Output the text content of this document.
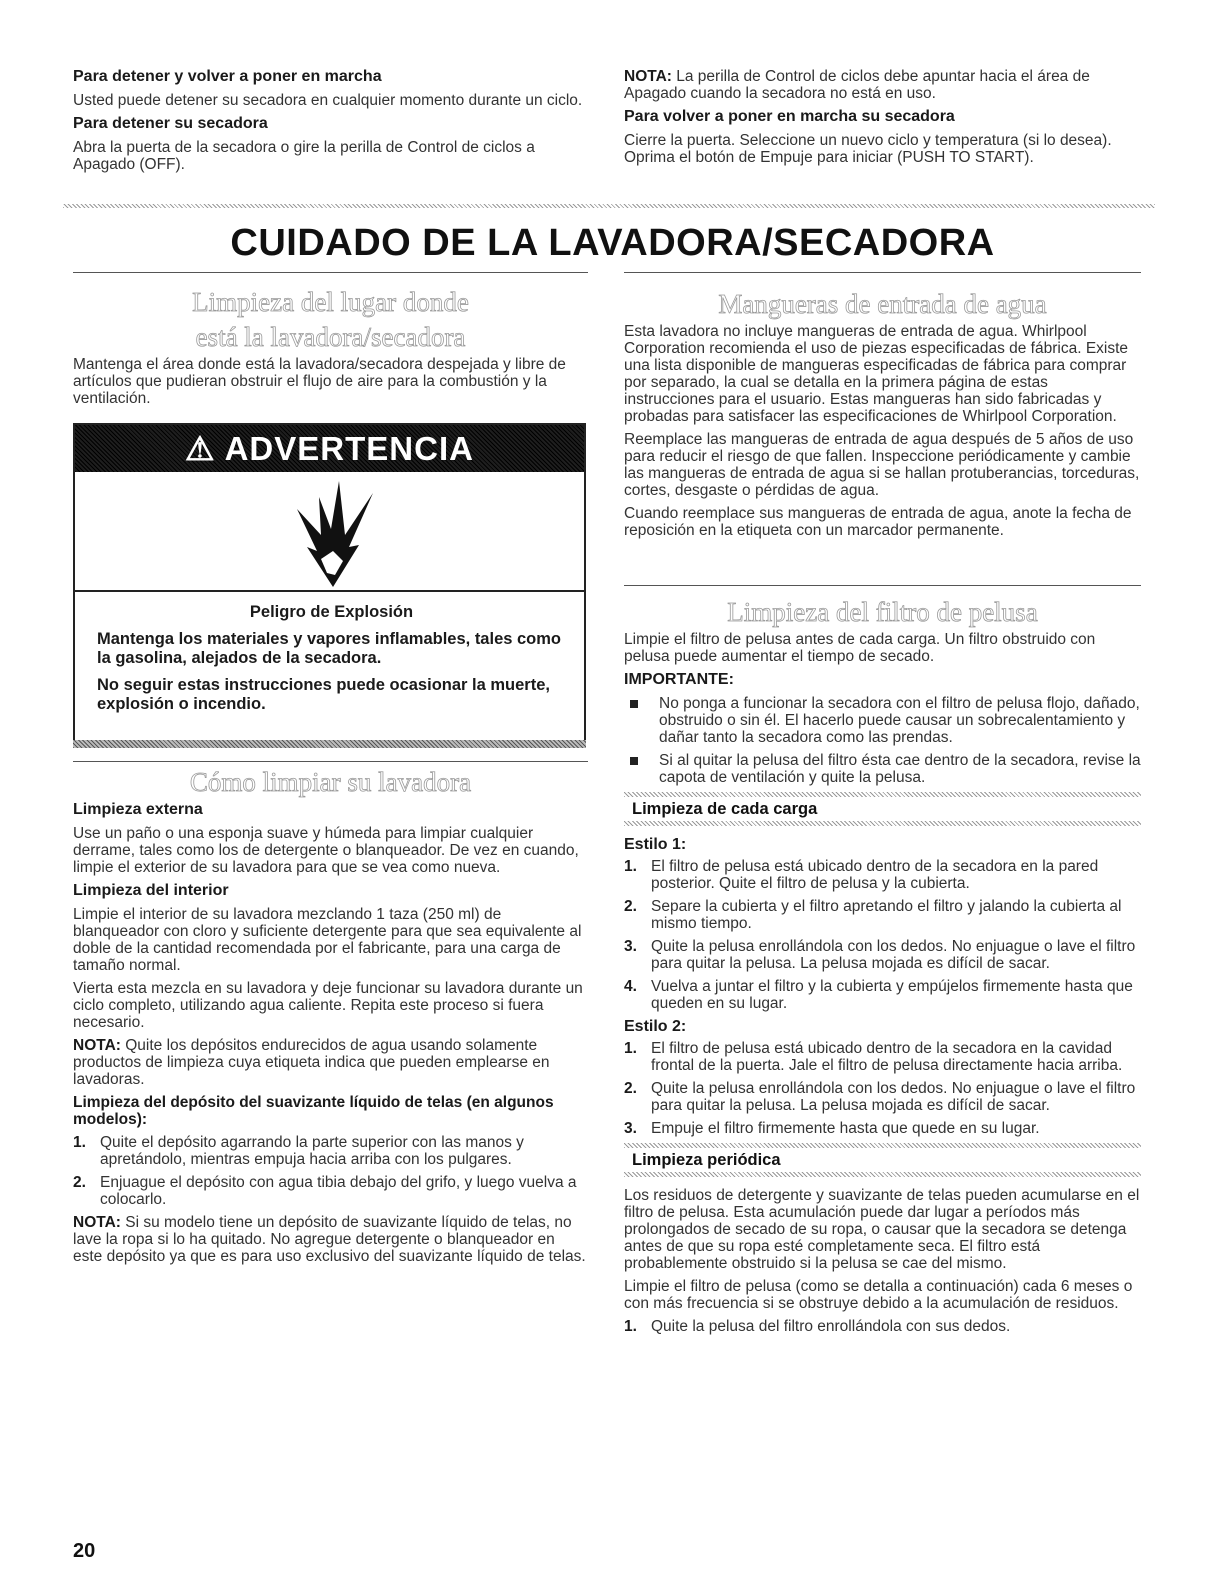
Para detener y volver a poner en marcha

Usted puede detener su secadora en cualquier momento durante un ciclo.

Para detener su secadora

Abra la puerta de la secadora o gire la perilla de Control de ciclos a Apagado (OFF).

NOTA: La perilla de Control de ciclos debe apuntar hacia el área de Apagado cuando la secadora no está en uso.

Para volver a poner en marcha su secadora

Cierre la puerta. Seleccione un nuevo ciclo y temperatura (si lo desea). Oprima el botón de Empuje para iniciar (PUSH TO START).

CUIDADO DE LA LAVADORA/SECADORA

Limpieza del lugar donde

está la lavadora/secadora

Mantenga el área donde está la lavadora/secadora despejada y libre de artículos que pudieran obstruir el flujo de aire para la combustión y la ventilación.

⚠ ADVERTENCIA

Peligro de Explosión

Mantenga los materiales y vapores inflamables, tales como la gasolina, alejados de la secadora.

No seguir estas instrucciones puede ocasionar la muerte, explosión o incendio.

Cómo limpiar su lavadora

Limpieza externa

Use un paño o una esponja suave y húmeda para limpiar cualquier derrame, tales como los de detergente o blanqueador. De vez en cuando, limpie el exterior de su lavadora para que se vea como nueva.

Limpieza del interior

Limpie el interior de su lavadora mezclando 1 taza (250 ml) de blanqueador con cloro y suficiente detergente para que sea equivalente al doble de la cantidad recomendada por el fabricante, para una carga de tamaño normal.

Vierta esta mezcla en su lavadora y deje funcionar su lavadora durante un ciclo completo, utilizando agua caliente. Repita este proceso si fuera necesario.

NOTA: Quite los depósitos endurecidos de agua usando solamente productos de limpieza cuya etiqueta indica que pueden emplearse en lavadoras.

Limpieza del depósito del suavizante líquido de telas (en algunos modelos):

1. Quite el depósito agarrando la parte superior con las manos y apretándolo, mientras empuja hacia arriba con los pulgares.
2. Enjuague el depósito con agua tibia debajo del grifo, y luego vuelva a colocarlo.

NOTA: Si su modelo tiene un depósito de suavizante líquido de telas, no lave la ropa si lo ha quitado. No agregue detergente o blanqueador en este depósito ya que es para uso exclusivo del suavizante líquido de telas.

Mangueras de entrada de agua

Esta lavadora no incluye mangueras de entrada de agua. Whirlpool Corporation recomienda el uso de piezas especificadas de fábrica. Existe una lista disponible de mangueras especificadas de fábrica para comprar por separado, la cual se detalla en la primera página de estas instrucciones para el usuario. Estas mangueras han sido fabricadas y probadas para satisfacer las especificaciones de Whirlpool Corporation.

Reemplace las mangueras de entrada de agua después de 5 años de uso para reducir el riesgo de que fallen. Inspeccione periódicamente y cambie las mangueras de entrada de agua si se hallan protuberancias, torceduras, cortes, desgaste o pérdidas de agua.

Cuando reemplace sus mangueras de entrada de agua, anote la fecha de reposición en la etiqueta con un marcador permanente.

Limpieza del filtro de pelusa

Limpie el filtro de pelusa antes de cada carga. Un filtro obstruido con pelusa puede aumentar el tiempo de secado.

IMPORTANTE:

No ponga a funcionar la secadora con el filtro de pelusa flojo, dañado, obstruido o sin él. El hacerlo puede causar un sobrecalentamiento y dañar tanto la secadora como las prendas.
Si al quitar la pelusa del filtro ésta cae dentro de la secadora, revise la capota de ventilación y quite la pelusa.
Limpieza de cada carga

Estilo 1:

1. El filtro de pelusa está ubicado dentro de la secadora en la pared posterior. Quite el filtro de pelusa y la cubierta.
2. Separe la cubierta y el filtro apretando el filtro y jalando la cubierta al mismo tiempo.
3. Quite la pelusa enrollándola con los dedos. No enjuague o lave el filtro para quitar la pelusa. La pelusa mojada es difícil de sacar.
4. Vuelva a juntar el filtro y la cubierta y empújelos firmemente hasta que queden en su lugar.

Estilo 2:

1. El filtro de pelusa está ubicado dentro de la secadora en la cavidad frontal de la puerta. Jale el filtro de pelusa directamente hacia arriba.
2. Quite la pelusa enrollándola con los dedos. No enjuague o lave el filtro para quitar la pelusa. La pelusa mojada es difícil de sacar.
3. Empuje el filtro firmemente hasta que quede en su lugar.
Limpieza periódica

Los residuos de detergente y suavizante de telas pueden acumularse en el filtro de pelusa. Esta acumulación puede dar lugar a períodos más prolongados de secado de su ropa, o causar que la secadora se detenga antes de que su ropa esté completamente seca. El filtro está probablemente obstruido si la pelusa se cae del mismo.

Limpie el filtro de pelusa (como se detalla a continuación) cada 6 meses o con más frecuencia si se obstruye debido a la acumulación de residuos.

1. Quite la pelusa del filtro enrollándola con sus dedos.
20
